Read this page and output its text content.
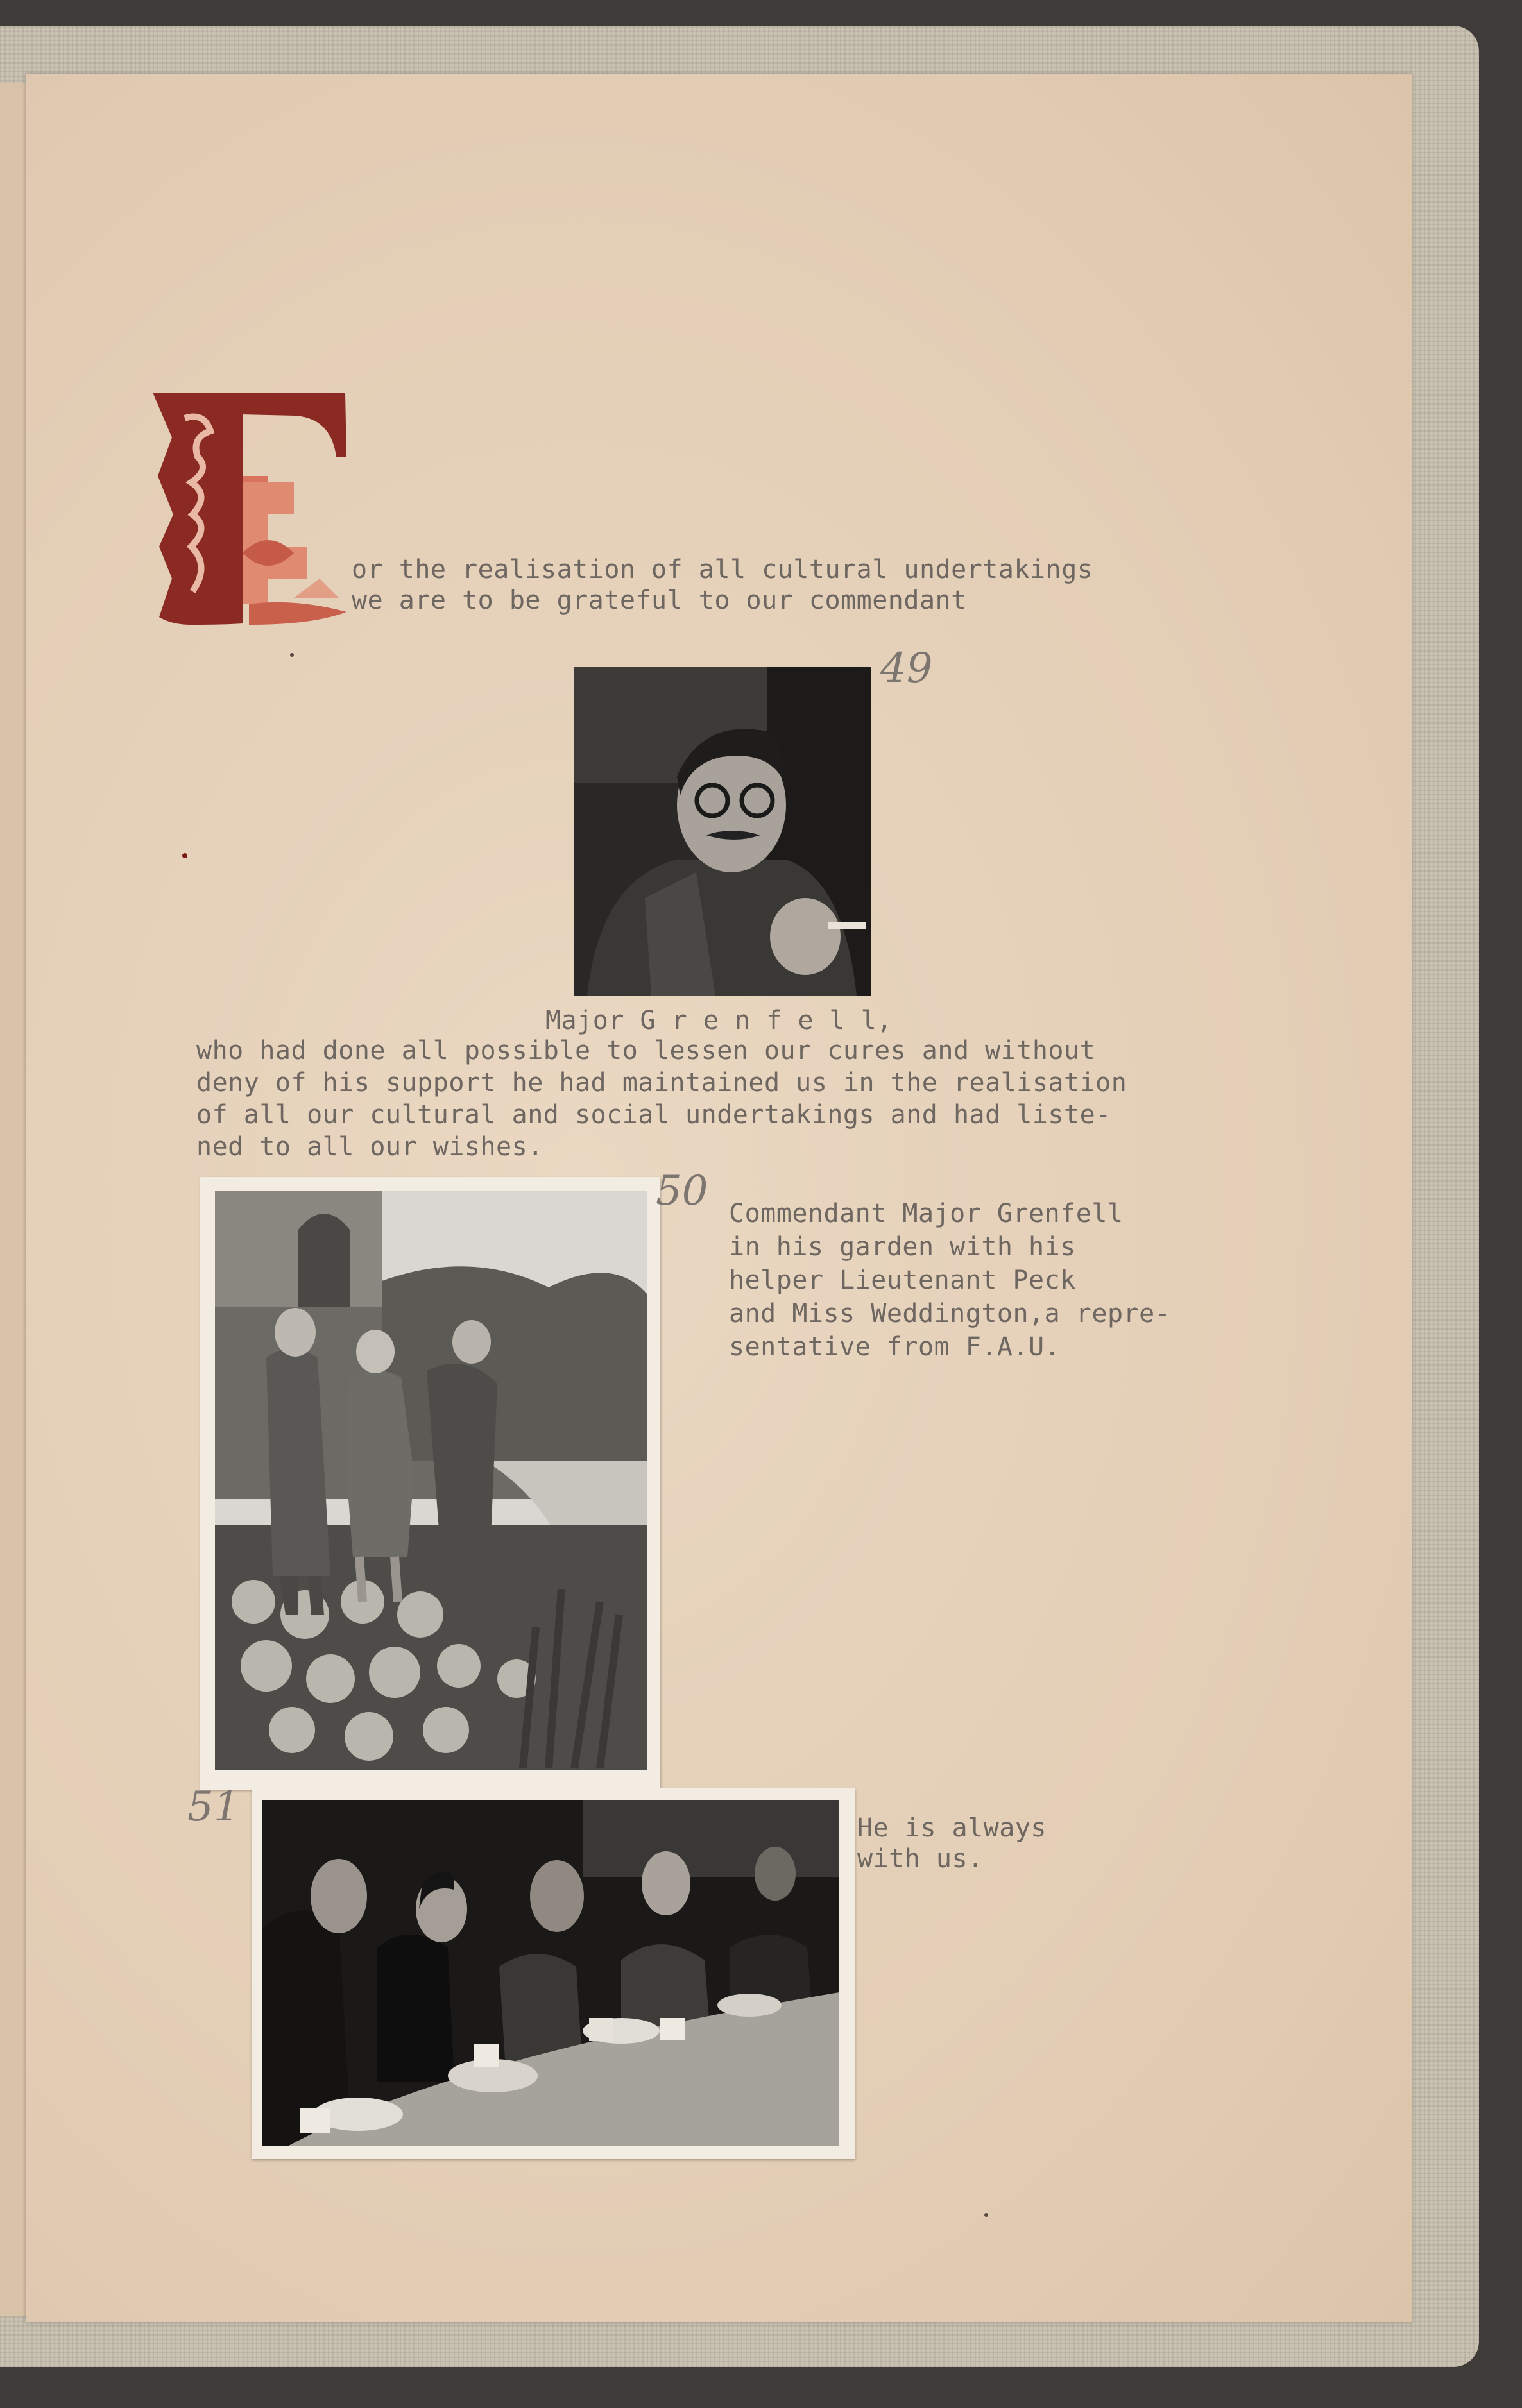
or the realisation of all cultural undertakings
we are to be grateful to our commendant
49
Major G r e n f e l l,
who had done all possible to lessen our cures and without
deny of his support he had maintained us in the realisation
of all our cultural and social undertakings and had liste-
ned to all our wishes.
50 Commendant Major Grenfell
in his garden with his
helper Lieutenant Peck
and Miss Weddington,a repre-
sentative from F.A.U.
51	He is always
with us.
